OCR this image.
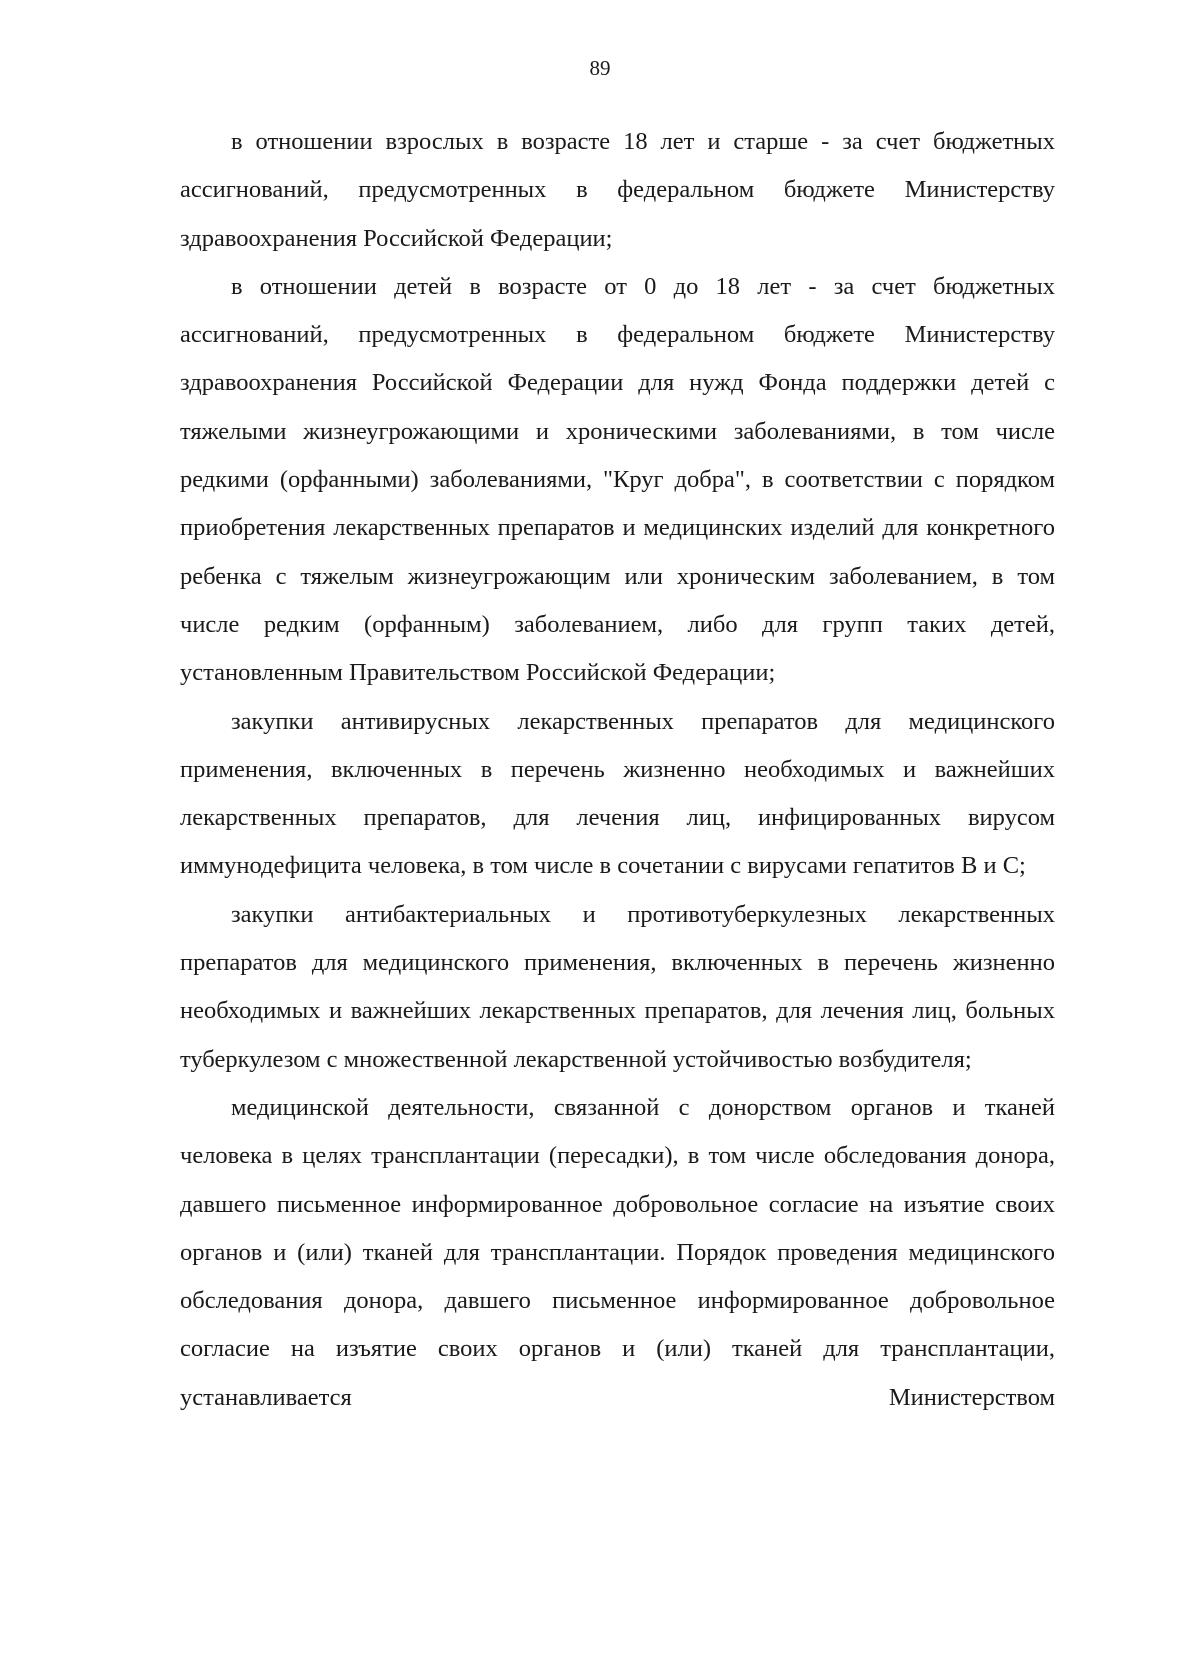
89

в отношении взрослых в возрасте 18 лет и старше - за счет бюджетных ассигнований, предусмотренных в федеральном бюджете Министерству здравоохранения Российской Федерации;

в отношении детей в возрасте от 0 до 18 лет - за счет бюджетных ассигнований, предусмотренных в федеральном бюджете Министерству здравоохранения Российской Федерации для нужд Фонда поддержки детей с тяжелыми жизнеугрожающими и хроническими заболеваниями, в том числе редкими (орфанными) заболеваниями, "Круг добра", в соответствии с порядком приобретения лекарственных препаратов и медицинских изделий для конкретного ребенка с тяжелым жизнеугрожающим или хроническим заболеванием, в том числе редким (орфанным) заболеванием, либо для групп таких детей, установленным Правительством Российской Федерации;

закупки антивирусных лекарственных препаратов для медицинского применения, включенных в перечень жизненно необходимых и важнейших лекарственных препаратов, для лечения лиц, инфицированных вирусом иммунодефицита человека, в том числе в сочетании с вирусами гепатитов B и C;

закупки антибактериальных и противотуберкулезных лекарственных препаратов для медицинского применения, включенных в перечень жизненно необходимых и важнейших лекарственных препаратов, для лечения лиц, больных туберкулезом с множественной лекарственной устойчивостью возбудителя;

медицинской деятельности, связанной с донорством органов и тканей человека в целях трансплантации (пересадки), в том числе обследования донора, давшего письменное информированное добровольное согласие на изъятие своих органов и (или) тканей для трансплантации. Порядок проведения медицинского обследования донора, давшего письменное информированное добровольное согласие на изъятие своих органов и (или) тканей для трансплантации, устанавливается Министерством
